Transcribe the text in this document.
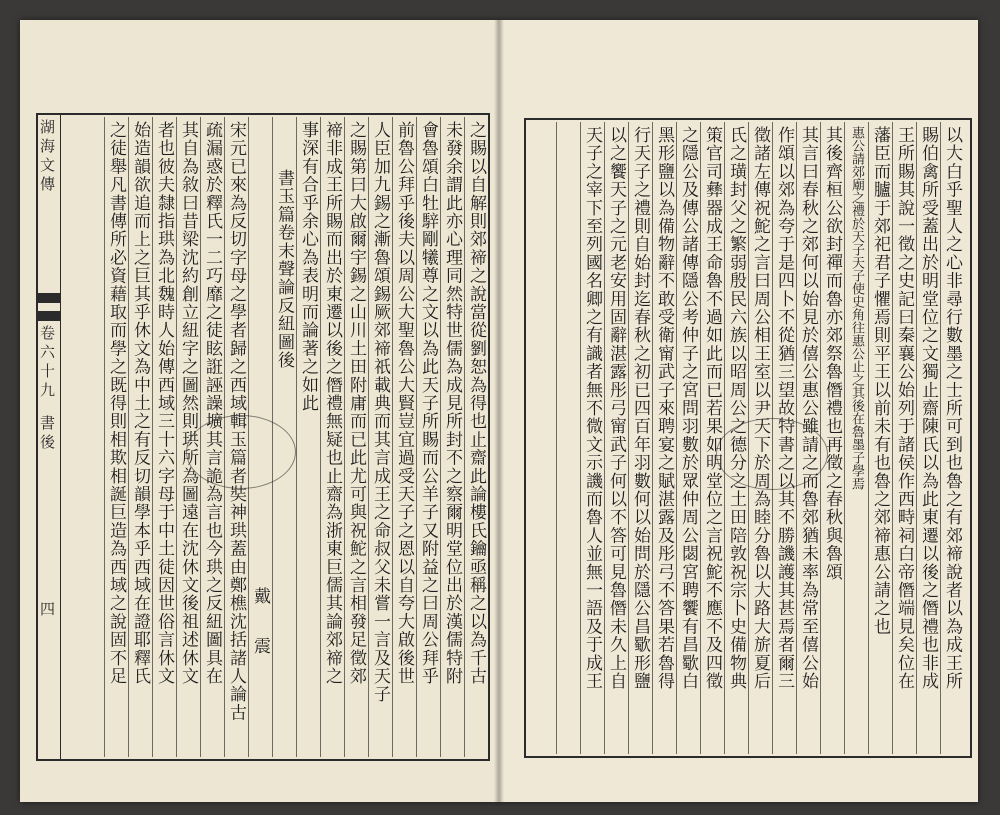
湖海文傳
卷六十九
書後
四	之賜以自解則郊禘之說當從劉恕為得也止齋此論樓氏鑰亟稱之以為千古
未發余謂此亦心理同然特世儒為成見所封不之察爾明堂位出於漢儒特附
會魯頌白牡騂剛犧尊之文以為此天子所賜而公羊子又附益之曰周公拜乎
前魯公拜乎後夫以周公大聖魯公大賢豈宜過受天子之恩以自夸大啟後世
人臣加九錫之漸魯頌錫厥郊禘祇載典而其言成王之命叔父未嘗一言及天子
之賜第曰大啟爾宇錫之山川土田附庸而已此尤可與祝鮀之言相發足徵郊
禘非成王所賜而出於東遷以後之僭禮無疑也止齋為浙東巨儒其論郊禘之
事深有合乎余心為表明而論著之如此
書玉篇卷末聲論反紐圖後
戴　震
宋元已來為反切字母之學者歸之西域輯玉篇者奘神珙蓋由鄭樵沈括諸人論古
疏漏惑於釋氏一二巧靡之徒眩誑誣譟壙其言詭為言也今珙之反紐圖具在
其自為敘曰昔梁沈約創立紐字之圖然則珙所為圖遠在沈休文後祖述休文
者也彼夫隸指珙為北魏時人始傳西域三十六字母于中土徒因世俗言休文
始造韻欲追而上之巨其乎休文為中土之有反切韻學本乎西域在證耶釋氏
之徒舉凡書傳所必資藉取而學之既得則相欺相誕巨造為西域之說固不足	以大白乎聖人之心非尋行數墨之士所可到也魯之有郊禘說者以為成王所
賜伯禽所受蓋出於明堂位之文獨止齋陳氏以為此東遷以後之僭禮也非成
王所賜其說一徵之史記曰秦襄公始列于諸侯作西畤祠白帝僭端見矣位在
藩臣而臚于郊祀君子懼焉則平王以前未有也魯之郊禘惠公請之也
惠公請郊廟之禮於天子天子使史角往惠公止之其後在魯墨子學焉
其後齊桓公欲封禪而魯亦郊祭魯僭禮也再徵之春秋與魯頌
其言曰春秋之郊何以始見於僖公惠公雖請之而魯郊猶未率為常至僖公始
作頌以郊為夸于是四卜不從猶三望故特書之以其不勝譏護其甚焉者爾三
徵諸左傳祝鮀之言曰周公相王室以尹天下於周為睦分魯以大路大旂夏后
氏之璜封父之繁弱殷民六族以昭周公之德分之土田陪敦祝宗卜史備物典
策官司彝器成王命魯不過如此而已若果如明堂位之言祝鮀不應不及四徵
之隱公及傳公諸傳隱公考仲子之宮問羽數於眾仲周公閟宮聘饗有昌歜白
黑形鹽以為備物辭不敢受衛甯武子來聘宴之賦湛露及彤弓不答果若魯得
行天子之禮則自始封迄春秋之初已四百年羽數何以始問於隱公昌歜形鹽
以之饗天子之元老安用固辭湛露彤弓甯武子何以不答可見魯僭未久上自
天子之宰下至列國名卿之有識者無不微文示譏而魯人並無一語及于成王
